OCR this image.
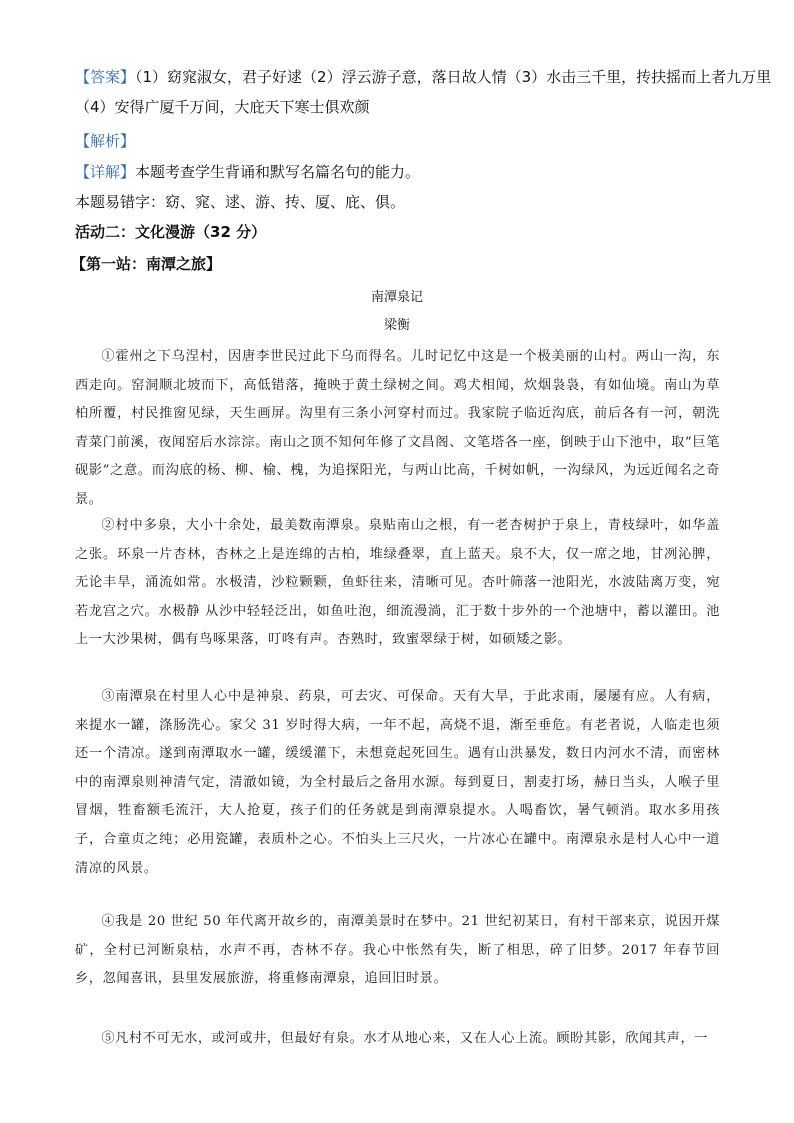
【答案】（1）窈窕淑女，君子好逑（2）浮云游子意，落日故人情（3）水击三千里，抟扶摇而上者九万里
（4）安得广厦千万间，大庇天下寒士俱欢颜
【解析】
【详解】本题考查学生背诵和默写名篇名句的能力。
本题易错字：窈、窕、逑、游、抟、厦、庇、俱。
活动二：文化漫游（32 分）
【第一站：南潭之旅】
南潭泉记
梁衡
①霍州之下乌涅村，因唐李世民过此下乌而得名。儿时记忆中这是一个极美丽的山村。两山一沟，东西走向。窑洞顺北坡而下，高低错落，掩映于黄土绿树之间。鸡犬相闻，炊烟袅袅，有如仙境。南山为草柏所覆，村民推窗见绿，天生画屏。沟里有三条小河穿村而过。我家院子临近沟底，前后各有一河，朝洗青菜门前溪，夜闻窑后水淙淙。南山之顶不知何年修了文昌阁、文笔塔各一座，倒映于山下池中，取“巨笔砚影”之意。而沟底的杨、柳、榆、槐，为追探阳光，与两山比高，千树如帆，一沟绿风，为远近闻名之奇景。
②村中多泉，大小十余处，最美数南潭泉。泉贴南山之根，有一老杏树护于泉上，青枝绿叶，如华盖之张。环泉一片杏林，杏林之上是连绵的古柏，堆绿叠翠，直上蓝天。泉不大，仅一席之地，甘冽沁脾，无论丰旱，涌流如常。水极清，沙粒颗颗，鱼虾往来，清晰可见。杏叶筛落一池阳光，水波陆离万变，宛若龙宫之穴。水极静 从沙中轻轻泛出，如鱼吐泡，细流漫淌，汇于数十步外的一个池塘中，蓄以灌田。池上一大沙果树，偶有鸟啄果落，叮咚有声。杏熟时，致蜜翠绿于树，如硕矮之影。
③南潭泉在村里人心中是神泉、药泉，可去灾、可保命。天有大旱，于此求雨，屡屡有应。人有病，来提水一罐，涤肠洗心。家父 31 岁时得大病，一年不起，高烧不退，渐至垂危。有老者说，人临走也须还一个清凉。遂到南潭取水一罐，缓缓灌下，未想竟起死回生。遇有山洪暴发，数日内河水不清，而密林中的南潭泉则神清气定，清澈如镜，为全村最后之备用水源。每到夏日，割麦打场，赫日当头，人喉子里冒烟，牲畜额毛流汗，大人抢夏，孩子们的任务就是到南潭泉提水。人喝畜饮，暑气顿消。取水多用孩子，合童贞之纯；必用瓷罐，表质朴之心。不怕头上三尺火，一片冰心在罐中。南潭泉永是村人心中一道清凉的风景。
④我是 20 世纪 50 年代离开故乡的，南潭美景时在梦中。21 世纪初某日，有村干部来京，说因开煤矿，全村已河断泉枯，水声不再，杏林不存。我心中怅然有失，断了相思，碎了旧梦。2017 年春节回乡，忽闻喜讯，县里发展旅游，将重修南潭泉，追回旧时景。
⑤凡村不可无水，或河或井，但最好有泉。水才从地心来，又在人心上流。顾盼其影，欣闻其声，一
